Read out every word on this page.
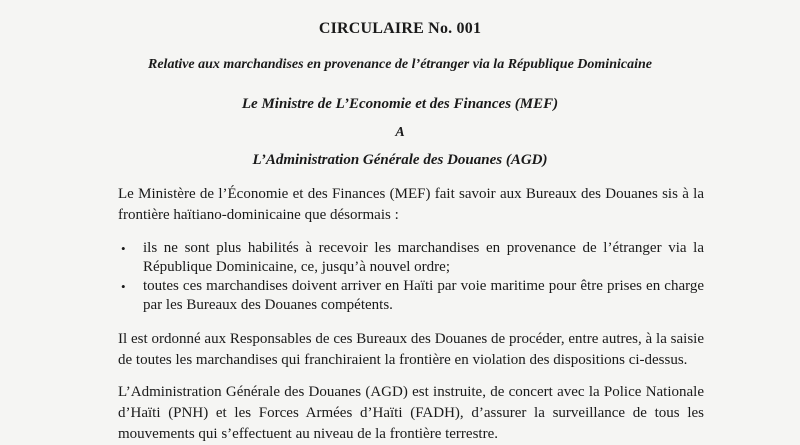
CIRCULAIRE No. 001
Relative aux marchandises en provenance de l’étranger via la République Dominicaine
Le Ministre de L’Economie et des Finances (MEF)
A
L’Administration Générale des Douanes (AGD)
Le Ministère de l’Économie et des Finances (MEF) fait savoir aux Bureaux des Douanes sis à la frontière haïtiano-dominicaine que désormais :
• ils ne sont plus habilités à recevoir les marchandises en provenance de l’étranger via la République Dominicaine, ce, jusqu’à nouvel ordre;
• toutes ces marchandises doivent arriver en Haïti par voie maritime pour être prises en charge par les Bureaux des Douanes compétents.
Il est ordonné aux Responsables de ces Bureaux des Douanes de procéder, entre autres, à la saisie de toutes les marchandises qui franchiraient la frontière en violation des dispositions ci-dessus.
L’Administration Générale des Douanes (AGD) est instruite, de concert avec la Police Nationale d’Haïti (PNH) et les Forces Armées d’Haïti (FADH), d’assurer la surveillance de tous les mouvements qui s’effectuent au niveau de la frontière terrestre.
